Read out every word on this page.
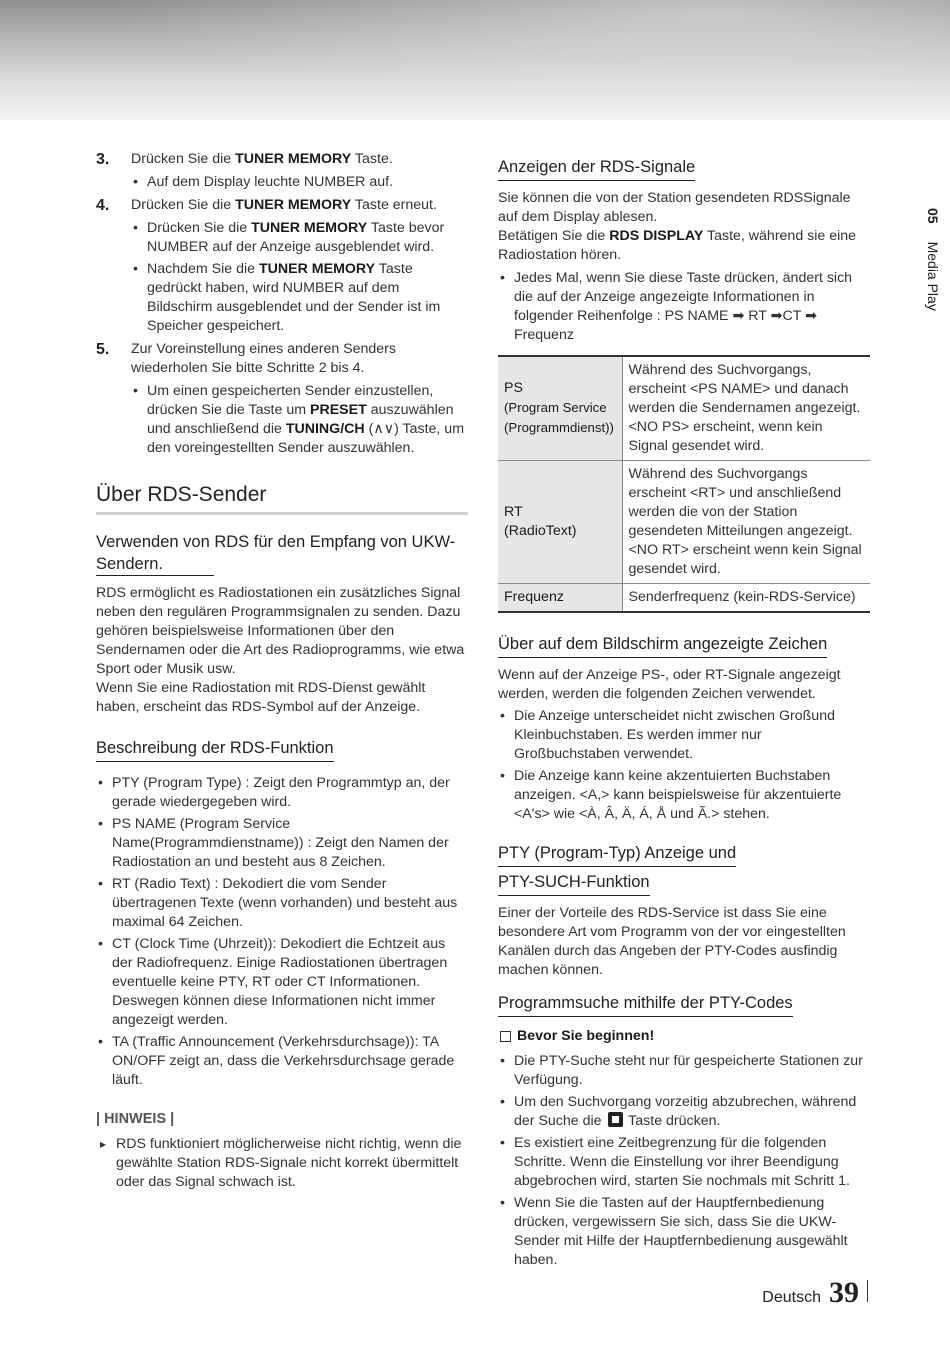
05Media Play
3. Drücken Sie die TUNER MEMORY Taste.
• Auf dem Display leuchte NUMBER auf.
4. Drücken Sie die TUNER MEMORY Taste erneut.
• Drücken Sie die TUNER MEMORY Taste bevor NUMBER auf der Anzeige ausgeblendet wird.
• Nachdem Sie die TUNER MEMORY Taste gedrückt haben, wird NUMBER auf dem Bildschirm ausgeblendet und der Sender ist im Speicher gespeichert.
5. Zur Voreinstellung eines anderen Senders wiederholen Sie bitte Schritte 2 bis 4.
• Um einen gespeicherten Sender einzustellen, drücken Sie die Taste um PRESET auszuwählen und anschließend die TUNING/CH (∧∨) Taste, um den voreingestellten Sender auszuwählen.
Über RDS-Sender
Verwenden von RDS für den Empfang von UKW-Sendern.

RDS ermöglicht es Radiostationen ein zusätzliches Signal neben den regulären Programmsignalen zu senden. Dazu gehören beispielsweise Informationen über den Sendernamen oder die Art des Radioprogramms, wie etwa Sport oder Musik usw.

Wenn Sie eine Radiostation mit RDS-Dienst gewählt haben, erscheint das RDS-Symbol auf der Anzeige.

Beschreibung der RDS-Funktion
• PTY (Program Type) : Zeigt den Programmtyp an, der gerade wiedergegeben wird.
• PS NAME (Program Service Name(Programmdienstname)) : Zeigt den Namen der Radiostation an und besteht aus 8 Zeichen.
• RT (Radio Text) : Dekodiert die vom Sender übertragenen Texte (wenn vorhanden) und besteht aus maximal 64 Zeichen.
• CT (Clock Time (Uhrzeit)): Dekodiert die Echtzeit aus der Radiofrequenz. Einige Radiostationen übertragen eventuelle keine PTY, RT oder CT Informationen. Deswegen können diese Informationen nicht immer angezeigt werden.
• TA (Traffic Announcement (Verkehrsdurchsage)): TA ON/OFF zeigt an, dass die Verkehrsdurchsage gerade läuft.
| HINWEIS |
▸ RDS funktioniert möglicherweise nicht richtig, wenn die gewählte Station RDS-Signale nicht korrekt übermittelt oder das Signal schwach ist.
Anzeigen der RDS-Signale

Sie können die von der Station gesendeten RDSSignale auf dem Display ablesen.

Betätigen Sie die RDS DISPLAY Taste, während sie eine Radiostation hören.

• Jedes Mal, wenn Sie diese Taste drücken, ändert sich die auf der Anzeige angezeigte Informationen in folgender Reihenfolge : PS NAME ➡ RT ➡CT ➡ Frequenz
PS
(Program Service (Programmdienst))	Während des Suchvorgangs, erscheint <PS NAME> und danach werden die Sendernamen angezeigt. <NO PS> erscheint, wenn kein Signal gesendet wird.

RT
(RadioText)	Während des Suchvorgangs erscheint <RT> und anschließend werden die von der Station gesendeten Mitteilungen angezeigt. <NO RT> erscheint wenn kein Signal gesendet wird.

Frequenz	Senderfrequenz (kein-RDS-Service)
Über auf dem Bildschirm angezeigte Zeichen

Wenn auf der Anzeige PS-, oder RT-Signale angezeigt werden, werden die folgenden Zeichen verwendet.

• Die Anzeige unterscheidet nicht zwischen Großund Kleinbuchstaben. Es werden immer nur Großbuchstaben verwendet.
• Die Anzeige kann keine akzentuierten Buchstaben anzeigen. <A,> kann beispielsweise für akzentuierte <A's> wie <À, Â, Ä, Á, Å und Ã.> stehen.
PTY (Program-Typ) Anzeige und
PTY-SUCH-Funktion

Einer der Vorteile des RDS-Service ist dass Sie eine besondere Art vom Programm von der vor eingestellten Kanälen durch das Angeben der PTY-Codes ausfindig machen können.

Programmsuche mithilfe der PTY-Codes
Bevor Sie beginnen!
• Die PTY-Suche steht nur für gespeicherte Stationen zur Verfügung.
• Um den Suchvorgang vorzeitig abzubrechen, während der Suche die  Taste drücken.
• Es existiert eine Zeitbegrenzung für die folgenden Schritte. Wenn die Einstellung vor ihrer Beendigung abgebrochen wird, starten Sie nochmals mit Schritt 1.
• Wenn Sie die Tasten auf der Hauptfernbedienung drücken, vergewissern Sie sich, dass Sie die UKW-Sender mit Hilfe der Hauptfernbedienung ausgewählt haben.
Deutsch 39
